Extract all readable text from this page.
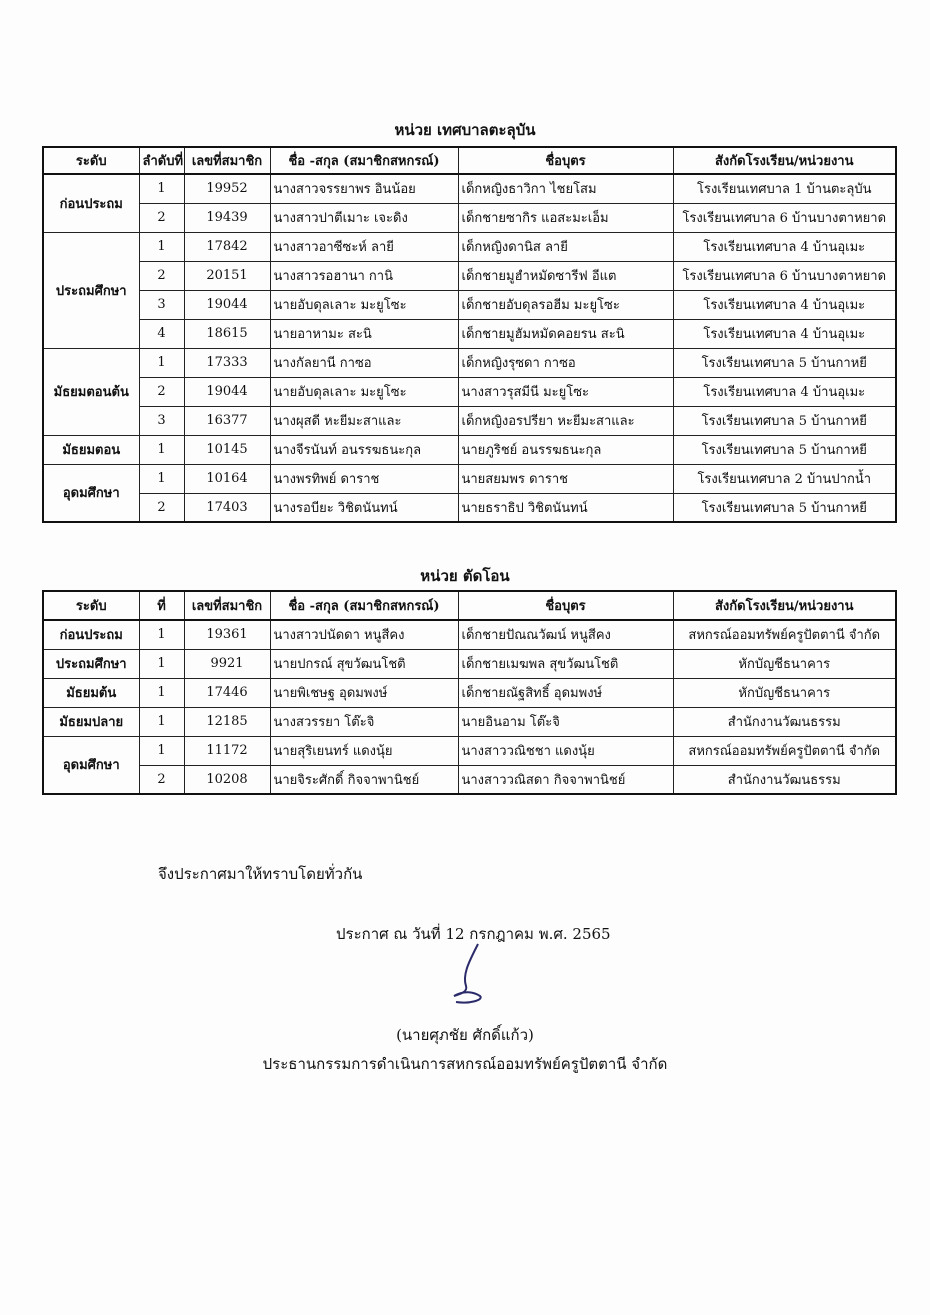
หน่วย เทศบาลตะลุบัน
ระดับ	ลำดับที่	เลขที่สมาชิก	ชื่อ -สกุล (สมาชิกสหกรณ์)	ชื่อบุตร	สังกัดโรงเรียน/หน่วยงาน
ก่อนประถม	1	19952	นางสาวจรรยาพร อินน้อย	เด็กหญิงธาวิกา ไชยโสม	โรงเรียนเทศบาล 1 บ้านตะลุบัน
	2	19439	นางสาวปาตีเมาะ เจะดิง	เด็กชายซากิร แอสะมะเอ็ม	โรงเรียนเทศบาล 6 บ้านบางตาหยาด
ประถมศึกษา	1	17842	นางสาวอาซีซะห์ ลายี	เด็กหญิงดานิส ลายี	โรงเรียนเทศบาล 4 บ้านอุเมะ
	2	20151	นางสาวรอฮานา กานิ	เด็กชายมูฮำหมัดซารีฟ อีแต	โรงเรียนเทศบาล 6 บ้านบางตาหยาด
	3	19044	นายอับดุลเลาะ มะยูโซะ	เด็กชายอับดุลรอฮีม มะยูโซะ	โรงเรียนเทศบาล 4 บ้านอุเมะ
	4	18615	นายอาหามะ สะนิ	เด็กชายมูฮัมหมัดคอยรน สะนิ	โรงเรียนเทศบาล 4 บ้านอุเมะ
มัธยมตอนต้น	1	17333	นางกัลยานี กาซอ	เด็กหญิงรุซดา กาซอ	โรงเรียนเทศบาล 5 บ้านกาหยี
	2	19044	นายอับดุลเลาะ มะยูโซะ	นางสาวรุสมีนี มะยูโซะ	โรงเรียนเทศบาล 4 บ้านอุเมะ
	3	16377	นางผุสดี หะยีมะสาและ	เด็กหญิงอรปรียา หะยีมะสาและ	โรงเรียนเทศบาล 5 บ้านกาหยี
มัธยมตอน	1	10145	นางจีรนันท์ อนรรฆธนะกุล	นายภูริชย์ อนรรฆธนะกุล	โรงเรียนเทศบาล 5 บ้านกาหยี
อุดมศึกษา	1	10164	นางพรทิพย์ ดาราช	นายสยมพร ดาราช	โรงเรียนเทศบาล 2 บ้านปากน้ำ
	2	17403	นางรอบียะ วิชิตนันทน์	นายธราธิป วิชิตนันทน์	โรงเรียนเทศบาล 5 บ้านกาหยี
หน่วย ตัดโอน
ระดับ	ที่	เลขที่สมาชิก	ชื่อ -สกุล (สมาชิกสหกรณ์)	ชื่อบุตร	สังกัดโรงเรียน/หน่วยงาน
ก่อนประถม	1	19361	นางสาวปนัดดา หนูสีคง	เด็กชายปัณณวัฒน์ หนูสีคง	สหกรณ์ออมทรัพย์ครูปัตตานี จำกัด
ประถมศึกษา	1	9921	นายปกรณ์ สุขวัฒนโชติ	เด็กชายเมฆพล สุขวัฒนโชติ	หักบัญชีธนาคาร
มัธยมต้น	1	17446	นายพิเชษฐ อุดมพงษ์	เด็กชายณัฐสิทธิ์ อุดมพงษ์	หักบัญชีธนาคาร
มัธยมปลาย	1	12185	นางสวรรยา โต๊ะจิ	นายอินอาม โต๊ะจิ	สำนักงานวัฒนธรรม
อุดมศึกษา	1	11172	นายสุริเยนทร์ แดงนุ้ย	นางสาววณิชชา แดงนุ้ย	สหกรณ์ออมทรัพย์ครูปัตตานี จำกัด
	2	10208	นายจิระศักดิ์ กิจจาพานิชย์	นางสาววณิสดา กิจจาพานิชย์	สำนักงานวัฒนธรรม
จึงประกาศมาให้ทราบโดยทั่วกัน
ประกาศ ณ วันที่ 12 กรกฎาคม พ.ศ. 2565
(นายศุภชัย ศักดิ์แก้ว)
ประธานกรรมการดำเนินการสหกรณ์ออมทรัพย์ครูปัตตานี จำกัด
